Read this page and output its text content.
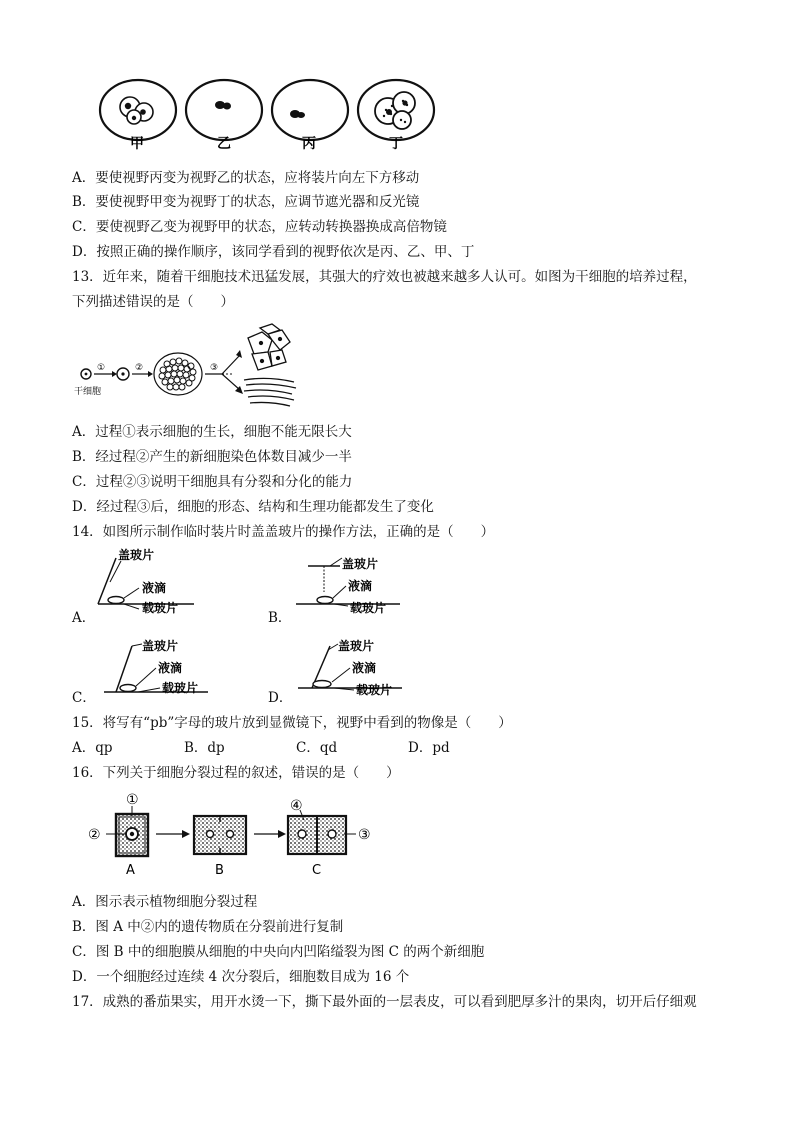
甲	乙	丙	丁
A．要使视野丙变为视野乙的状态，应将装片向左下方移动
B．要使视野甲变为视野丁的状态，应调节遮光器和反光镜
C．要使视野乙变为视野甲的状态，应转动转换器换成高倍物镜
D．按照正确的操作顺序，该同学看到的视野依次是丙、乙、甲、丁
13．近年来，随着干细胞技术迅猛发展，其强大的疗效也被越来越多人认可。如图为干细胞的培养过程，
下列描述错误的是（　　）
①	②	③
干细胞
A．过程①表示细胞的生长，细胞不能无限长大
B．经过程②产生的新细胞染色体数目减少一半
C．过程②③说明干细胞具有分裂和分化的能力
D．经过程③后，细胞的形态、结构和生理功能都发生了变化
14．如图所示制作临时装片时盖盖玻片的操作方法，正确的是（　　）
A．
盖玻片
液滴
载玻片
B．
盖玻片
液滴
载玻片
C．
盖玻片
液滴
载玻片
D．
盖玻片
液滴
载玻片
15．将写有“pb”字母的玻片放到显微镜下，视野中看到的物像是（　　）
A．qp	B．dp	C．qd	D．pd
16．下列关于细胞分裂过程的叙述，错误的是（　　）
①
②
A	B
④
③
C
A．图示表示植物细胞分裂过程
B．图 A 中②内的遗传物质在分裂前进行复制
C．图 B 中的细胞膜从细胞的中央向内凹陷缢裂为图 C 的两个新细胞
D．一个细胞经过连续 4 次分裂后，细胞数目成为 16 个
17．成熟的番茄果实，用开水烫一下，撕下最外面的一层表皮，可以看到肥厚多汁的果肉，切开后仔细观
